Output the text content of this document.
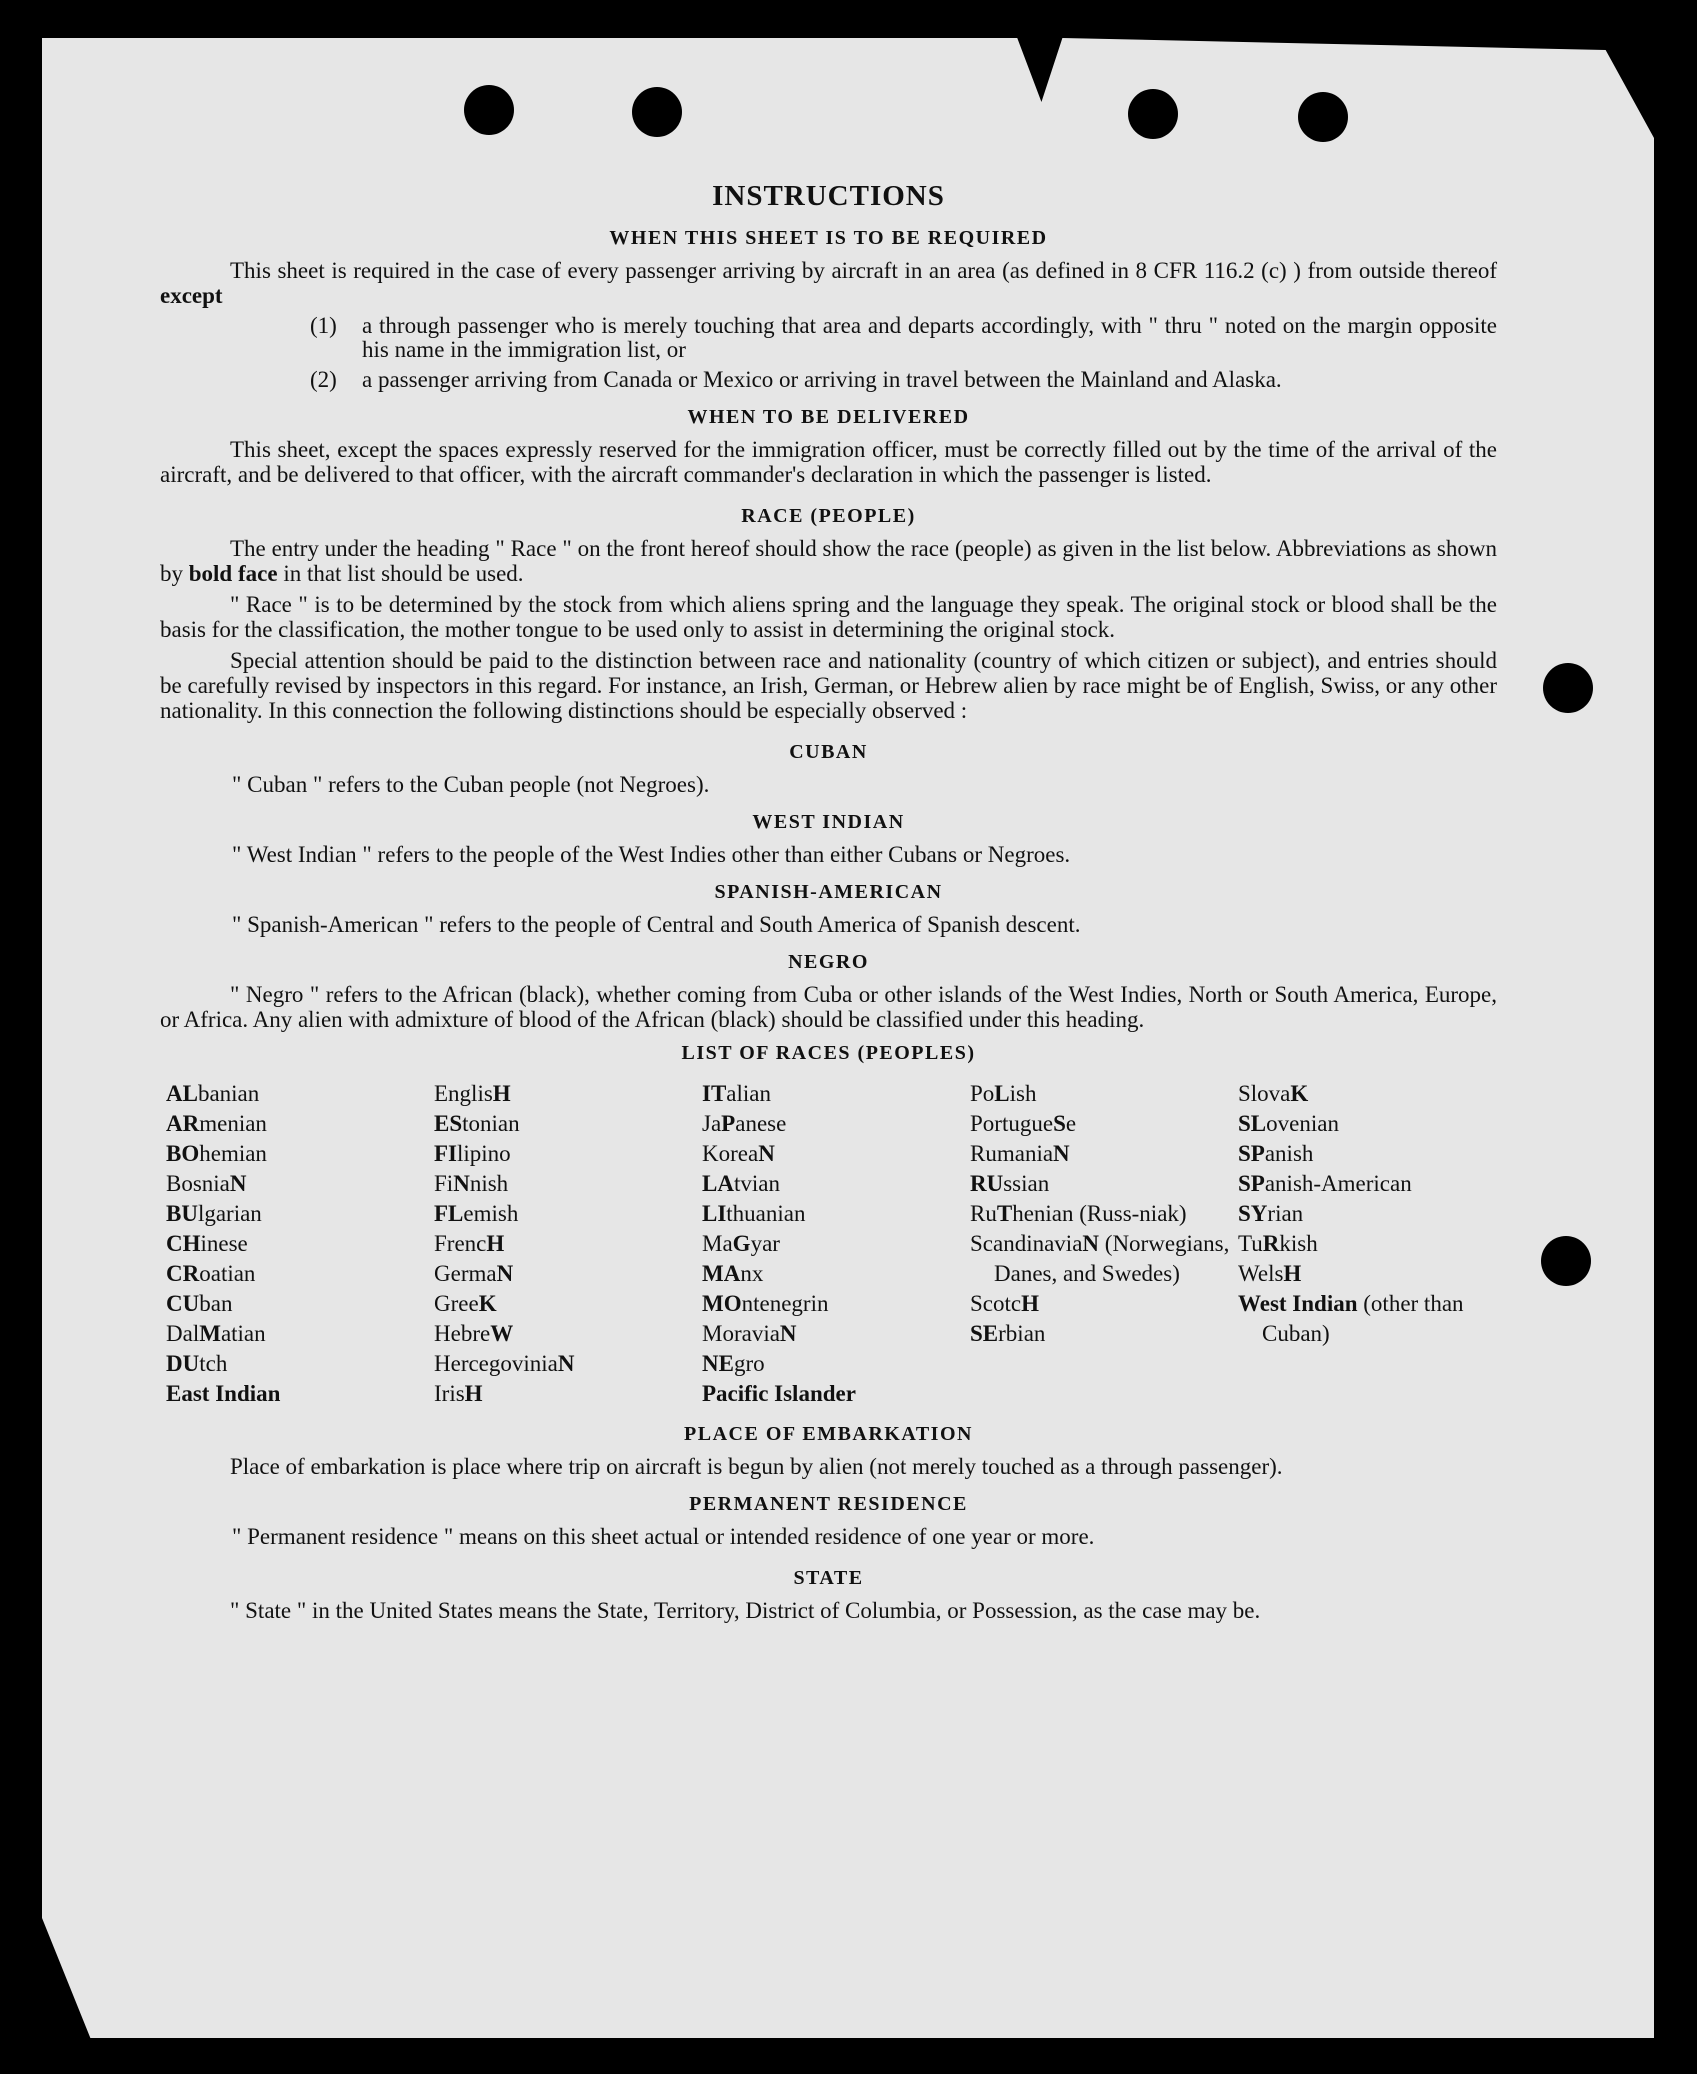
INSTRUCTIONS
WHEN THIS SHEET IS TO BE REQUIRED

This sheet is required in the case of every passenger arriving by aircraft in an area (as defined in 8 CFR 116.2 (c) ) from outside thereof except

(1)	a through passenger who is merely touching that area and departs accordingly, with " thru " noted on the margin opposite his name in the immigration list, or
(2)	a passenger arriving from Canada or Mexico or arriving in travel between the Mainland and Alaska.
WHEN TO BE DELIVERED

This sheet, except the spaces expressly reserved for the immigration officer, must be correctly filled out by the time of the arrival of the aircraft, and be delivered to that officer, with the aircraft commander's declaration in which the passenger is listed.

RACE (PEOPLE)

The entry under the heading " Race " on the front hereof should show the race (people) as given in the list below. Abbreviations as shown by bold face in that list should be used.

" Race " is to be determined by the stock from which aliens spring and the language they speak. The original stock or blood shall be the basis for the classification, the mother tongue to be used only to assist in determining the original stock.

Special attention should be paid to the distinction between race and nationality (country of which citizen or subject), and entries should be carefully revised by inspectors in this regard. For instance, an Irish, German, or Hebrew alien by race might be of English, Swiss, or any other nationality. In this connection the following distinctions should be especially observed :

CUBAN
" Cuban " refers to the Cuban people (not Negroes).
WEST INDIAN
" West Indian " refers to the people of the West Indies other than either Cubans or Negroes.
SPANISH-AMERICAN
" Spanish-American " refers to the people of Central and South America of Spanish descent.
NEGRO

" Negro " refers to the African (black), whether coming from Cuba or other islands of the West Indies, North or South America, Europe, or Africa. Any alien with admixture of blood of the African (black) should be classified under this heading.

LIST OF RACES (PEOPLES)
ALbanian
ARmenian
BOhemian
BosniaN
BUlgarian
CHinese
CRoatian
CUban
DalMatian
DUtch
East Indian
EnglisH
EStonian
FIlipino
FiNnish
FLemish
FrencH
GermaN
GreeK
HebreW
HercegoviniaN
IrisH
ITalian
JaPanese
KoreaN
LAtvian
LIthuanian
MaGyar
MAnx
MOntenegrin
MoraviaN
NEgro
Pacific Islander
PoLish
PortugueSe
RumaniaN
RUssian
RuThenian (Russ-niak)
ScandinaviaN (Norwegians, Danes, and Swedes)
ScotcH
SErbian
SlovaK
SLovenian
SPanish
SPanish-American
SYrian
TuRkish
WelsH
West Indian (other than Cuban)
PLACE OF EMBARKATION

Place of embarkation is place where trip on aircraft is begun by alien (not merely touched as a through passenger).

PERMANENT RESIDENCE
" Permanent residence " means on this sheet actual or intended residence of one year or more.
STATE

" State " in the United States means the State, Territory, District of Columbia, or Possession, as the case may be.
